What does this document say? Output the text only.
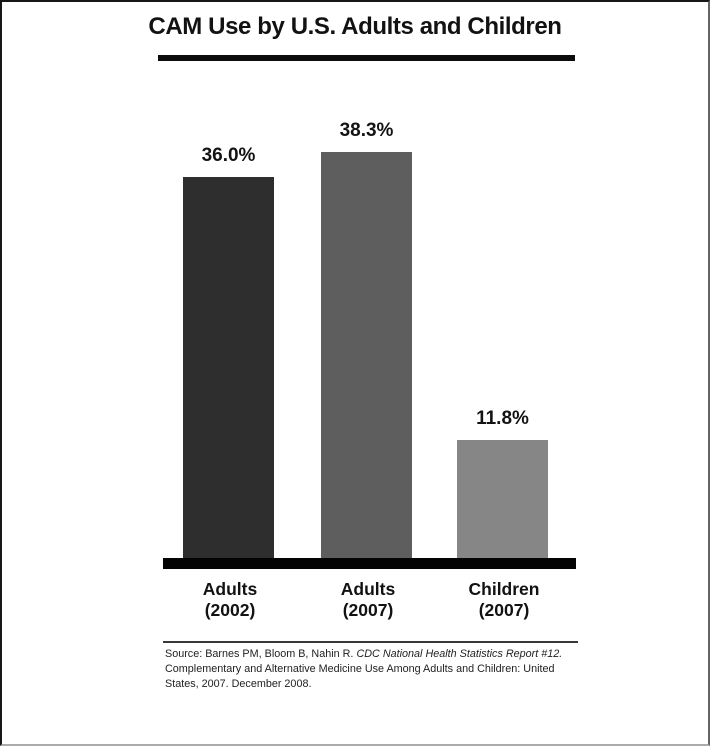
CAM Use by U.S. Adults and Children
36.0%
38.3%
11.8%
Adults
(2002)
Adults
(2007)
Children
(2007)

Source: Barnes PM, Bloom B, Nahin R. CDC National Health Statistics Report #12. Complementary and Alternative Medicine Use Among Adults and Children: United States, 2007. December 2008.
